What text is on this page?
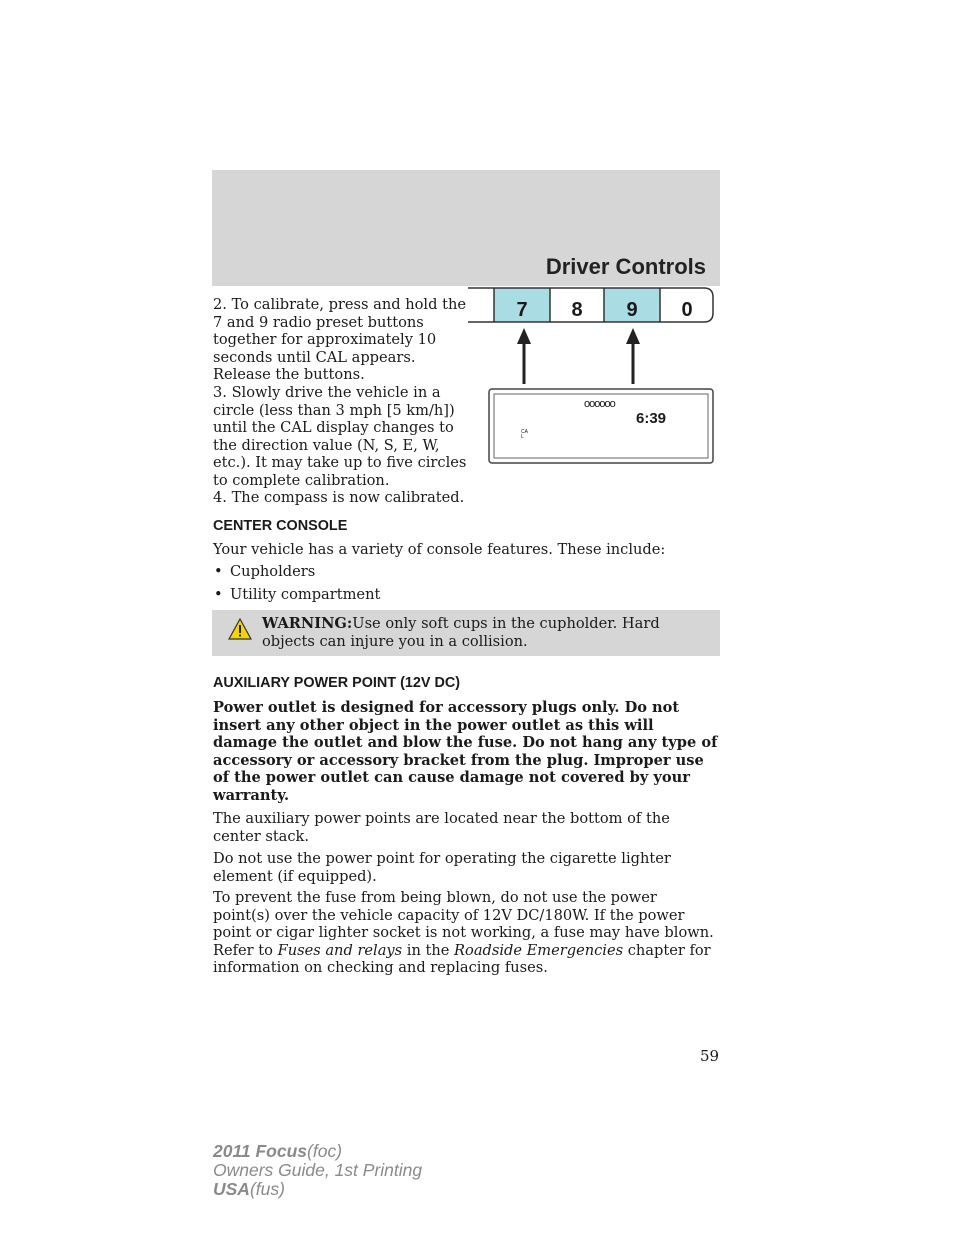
Driver Controls
2. To calibrate, press and hold the 7 and 9 radio preset buttons together for approximately 10 seconds until CAL appears. Release the buttons.
3. Slowly drive the vehicle in a circle (less than 3 mph [5 km/h]) until the CAL display changes to the direction value (N, S, E, W, etc.). It may take up to five circles to complete calibration.
4. The compass is now calibrated.
7	8	9	0
oooooo
6:39
CAL
CENTER CONSOLE

Your vehicle has a variety of console features. These include:

• Cupholders
• Utility compartment
WARNING:Use only soft cups in the cupholder. Hard objects can injure you in a collision.
AUXILIARY POWER POINT (12V DC)

Power outlet is designed for accessory plugs only. Do not insert any other object in the power outlet as this will damage the outlet and blow the fuse. Do not hang any type of accessory or accessory bracket from the plug. Improper use of the power outlet can cause damage not covered by your warranty.

The auxiliary power points are located near the bottom of the center stack.

Do not use the power point for operating the cigarette lighter element (if equipped).

To prevent the fuse from being blown, do not use the power point(s) over the vehicle capacity of 12V DC/180W. If the power point or cigar lighter socket is not working, a fuse may have blown. Refer to Fuses and relays in the Roadside Emergencies chapter for information on checking and replacing fuses.

59
2011 Focus(foc)
Owners Guide, 1st Printing
USA(fus)
